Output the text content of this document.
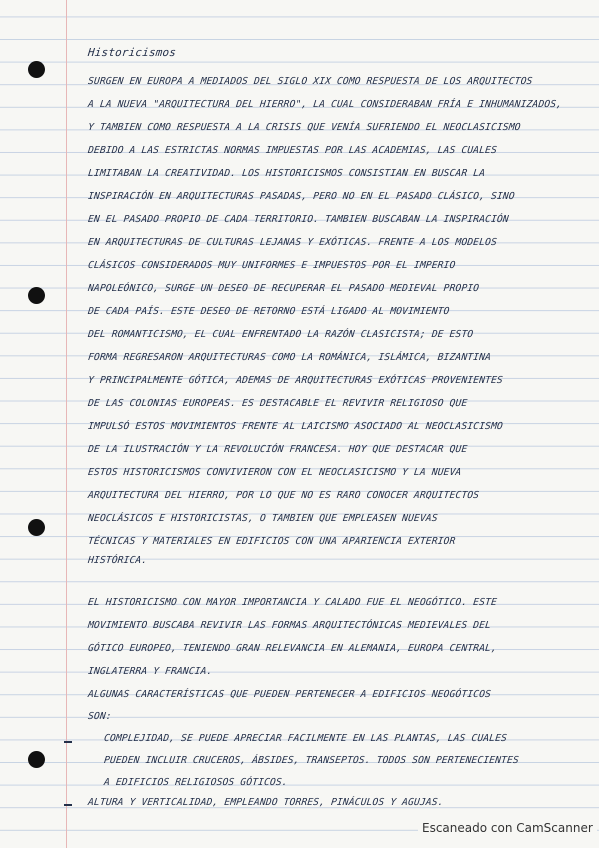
Historicismos

SURGEN EN EUROPA A MEDIADOS DEL SIGLO XIX COMO RESPUESTA DE LOS ARQUITECTOS

A LA NUEVA "ARQUITECTURA DEL HIERRO", LA CUAL CONSIDERABAN FRÍA E INHUMANIZADOS,

Y TAMBIEN COMO RESPUESTA A LA CRISIS QUE VENÍA SUFRIENDO EL NEOCLASICISMO

DEBIDO A LAS ESTRICTAS NORMAS IMPUESTAS POR LAS ACADEMIAS, LAS CUALES

LIMITABAN LA CREATIVIDAD. LOS HISTORICISMOS CONSISTIAN EN BUSCAR LA

INSPIRACIÓN EN ARQUITECTURAS PASADAS, PERO NO EN EL PASADO CLÁSICO, SINO

EN EL PASADO PROPIO DE CADA TERRITORIO. TAMBIEN BUSCABAN LA INSPIRACIÓN

EN ARQUITECTURAS DE CULTURAS LEJANAS Y EXÓTICAS. FRENTE A LOS MODELOS

CLÁSICOS CONSIDERADOS MUY UNIFORMES E IMPUESTOS POR EL IMPERIO

NAPOLEÓNICO, SURGE UN DESEO DE RECUPERAR EL PASADO MEDIEVAL PROPIO

DE CADA PAÍS. ESTE DESEO DE RETORNO ESTÁ LIGADO AL MOVIMIENTO

DEL ROMANTICISMO, EL CUAL ENFRENTADO LA RAZÓN CLASICISTA; DE ESTO

FORMA REGRESARON ARQUITECTURAS COMO LA ROMÁNICA, ISLÁMICA, BIZANTINA

Y PRINCIPALMENTE GÓTICA, ADEMAS DE ARQUITECTURAS EXÓTICAS PROVENIENTES

DE LAS COLONIAS EUROPEAS. ES DESTACABLE EL REVIVIR RELIGIOSO QUE

IMPULSÓ ESTOS MOVIMIENTOS FRENTE AL LAICISMO ASOCIADO AL NEOCLASICISMO

DE LA ILUSTRACIÓN Y LA REVOLUCIÓN FRANCESA. HOY QUE DESTACAR QUE

ESTOS HISTORICISMOS CONVIVIERON CON EL NEOCLASICISMO Y LA NUEVA

ARQUITECTURA DEL HIERRO, POR LO QUE NO ES RARO CONOCER ARQUITECTOS

NEOCLÁSICOS E HISTORICISTAS, O TAMBIEN QUE EMPLEASEN NUEVAS

TÉCNICAS Y MATERIALES EN EDIFICIOS CON UNA APARIENCIA EXTERIOR

HISTÓRICA.

EL HISTORICISMO CON MAYOR IMPORTANCIA Y CALADO FUE EL NEOGÓTICO. ESTE

MOVIMIENTO BUSCABA REVIVIR LAS FORMAS ARQUITECTÓNICAS MEDIEVALES DEL

GÓTICO EUROPEO, TENIENDO GRAN RELEVANCIA EN ALEMANIA, EUROPA CENTRAL,

INGLATERRA Y FRANCIA.

ALGUNAS CARACTERÍSTICAS QUE PUEDEN PERTENECER A EDIFICIOS NEOGÓTICOS

SON:

COMPLEJIDAD, SE PUEDE APRECIAR FACILMENTE EN LAS PLANTAS, LAS CUALES

PUEDEN INCLUIR CRUCEROS, ÁBSIDES, TRANSEPTOS. TODOS SON PERTENECIENTES

A EDIFICIOS RELIGIOSOS GÓTICOS.

ALTURA Y VERTICALIDAD, EMPLEANDO TORRES, PINÁCULOS Y AGUJAS.

Escaneado con CamScanner
